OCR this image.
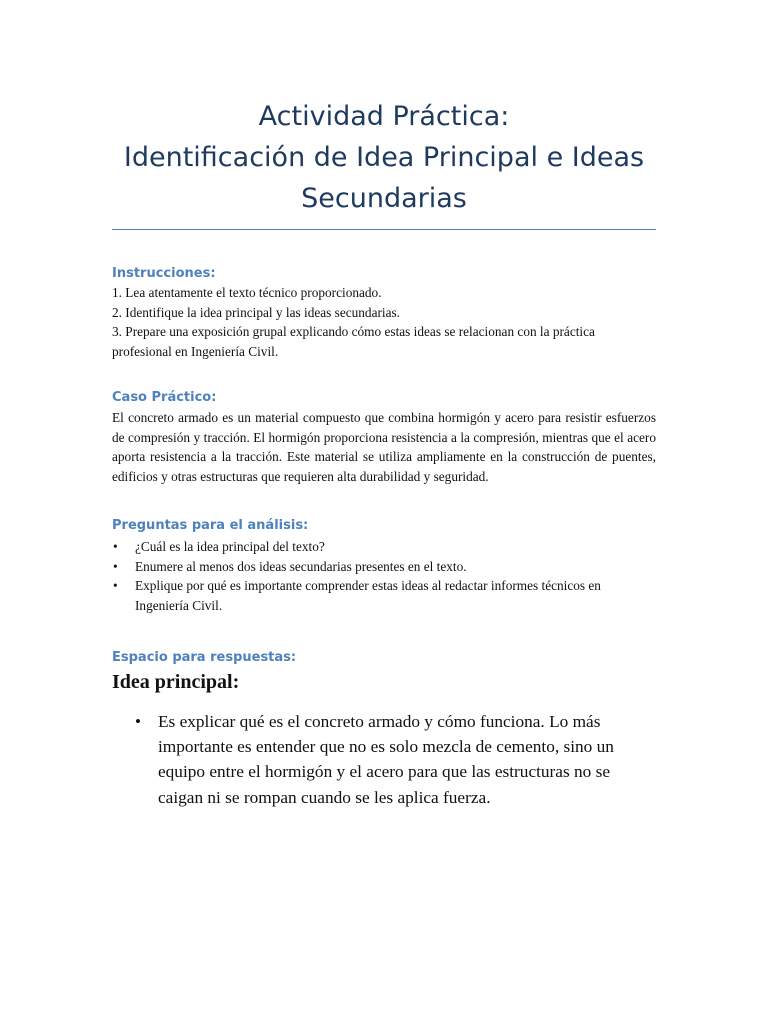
Actividad Práctica:
Identificación de Idea Principal e Ideas
Secundarias
Instrucciones:
1. Lea atentamente el texto técnico proporcionado.
2. Identifique la idea principal y las ideas secundarias.
3. Prepare una exposición grupal explicando cómo estas ideas se relacionan con la práctica profesional en Ingeniería Civil.
Caso Práctico:

El concreto armado es un material compuesto que combina hormigón y acero para resistir esfuerzos de compresión y tracción. El hormigón proporciona resistencia a la compresión, mientras que el acero aporta resistencia a la tracción. Este material se utiliza ampliamente en la construcción de puentes, edificios y otras estructuras que requieren alta durabilidad y seguridad.

Preguntas para el análisis:
• ¿Cuál es la idea principal del texto?
• Enumere al menos dos ideas secundarias presentes en el texto.
• Explique por qué es importante comprender estas ideas al redactar informes técnicos en Ingeniería Civil.
Espacio para respuestas:
Idea principal:
• Es explicar qué es el concreto armado y cómo funciona. Lo más importante es entender que no es solo mezcla de cemento, sino un equipo entre el hormigón y el acero para que las estructuras no se caigan ni se rompan cuando se les aplica fuerza.
